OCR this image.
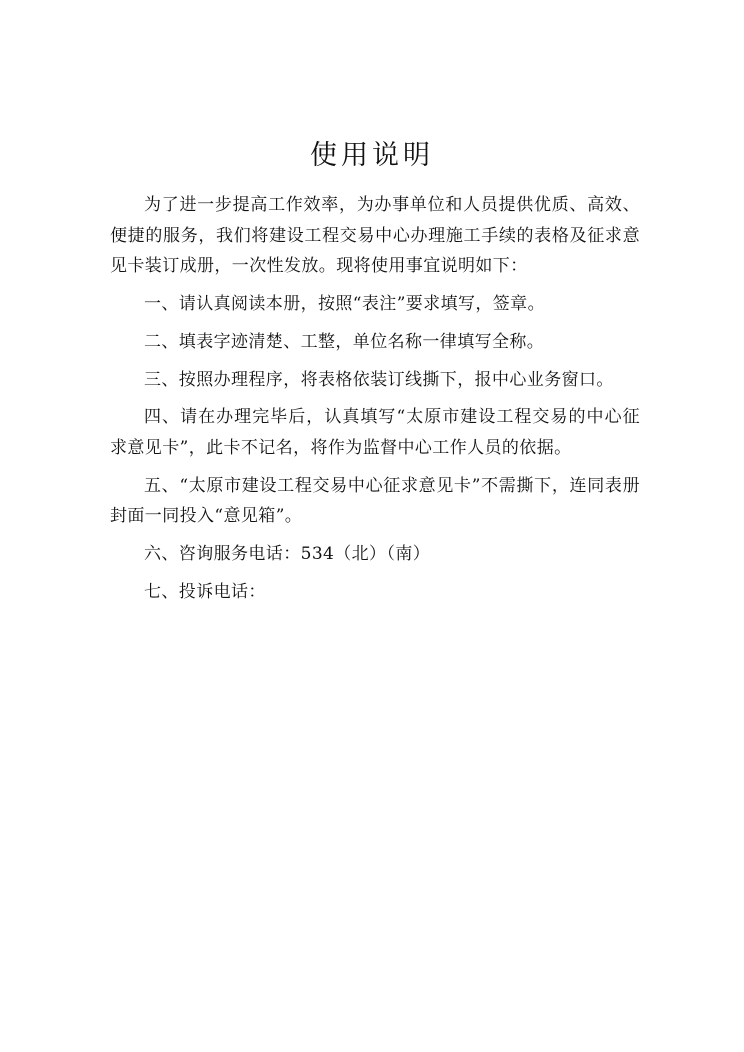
使用说明

为了进一步提高工作效率，为办事单位和人员提供优质、高效、便捷的服务，我们将建设工程交易中心办理施工手续的表格及征求意见卡装订成册，一次性发放。现将使用事宜说明如下：

一、请认真阅读本册，按照“表注”要求填写，签章。

二、填表字迹清楚、工整，单位名称一律填写全称。

三、按照办理程序，将表格依装订线撕下，报中心业务窗口。

四、请在办理完毕后，认真填写“太原市建设工程交易的中心征求意见卡”，此卡不记名，将作为监督中心工作人员的依据。

五、“太原市建设工程交易中心征求意见卡”不需撕下，连同表册封面一同投入“意见箱”。

六、咨询服务电话：534（北）（南）

七、投诉电话：
